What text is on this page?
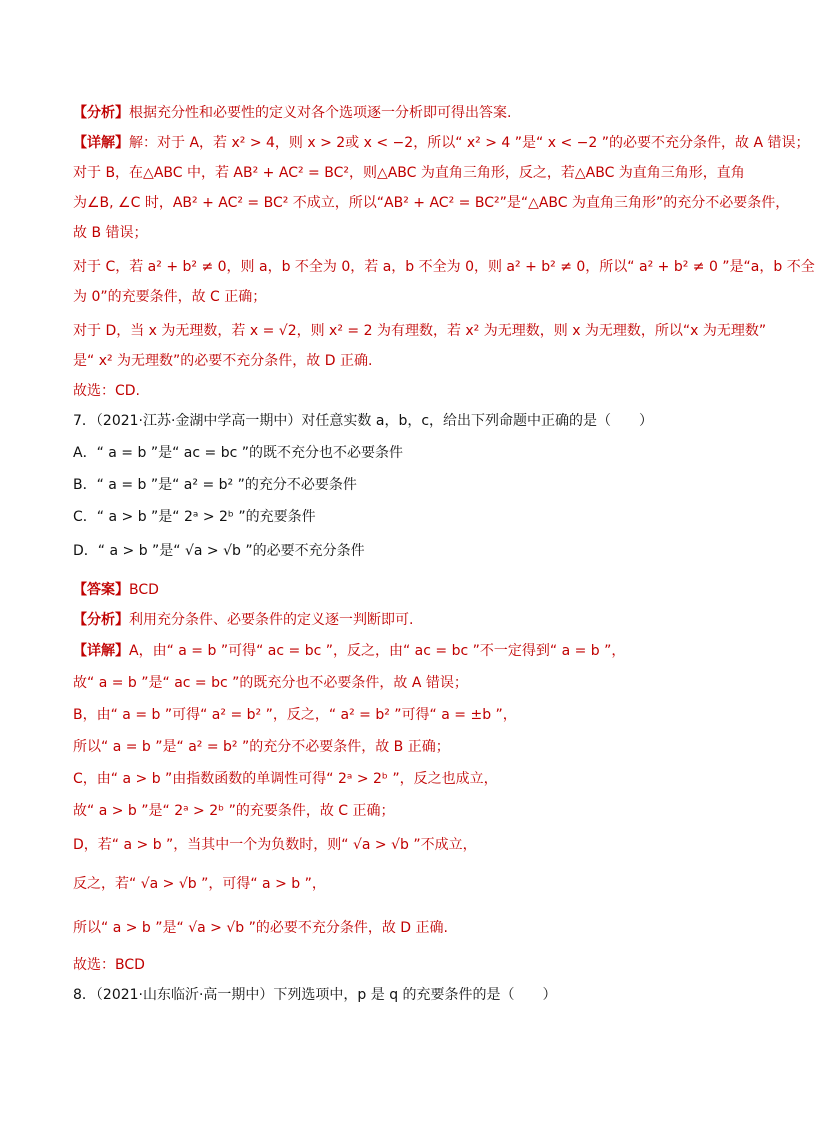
【分析】根据充分性和必要性的定义对各个选项逐一分析即可得出答案.
【详解】解：对于 A，若 x² > 4，则 x > 2或 x < −2，所以“ x² > 4 ”是“ x < −2 ”的必要不充分条件，故 A 错误；
对于 B，在△ABC 中，若 AB² + AC² = BC²，则△ABC 为直角三角形，反之，若△ABC 为直角三角形，直角
为∠B, ∠C 时，AB² + AC² = BC² 不成立，所以“AB² + AC² = BC²”是“△ABC 为直角三角形”的充分不必要条件，
故 B 错误；
对于 C，若 a² + b² ≠ 0，则 a，b 不全为 0，若 a，b 不全为 0，则 a² + b² ≠ 0，所以“ a² + b² ≠ 0 ”是“a，b 不全
为 0”的充要条件，故 C 正确；
对于 D，当 x 为无理数，若 x = √2，则 x² = 2 为有理数，若 x² 为无理数，则 x 为无理数，所以“x 为无理数”
是“ x² 为无理数”的必要不充分条件，故 D 正确.
故选：CD.
7．（2021·江苏·金湖中学高一期中）对任意实数 a，b，c，给出下列命题中正确的是（　　）
A．“ a = b ”是“ ac = bc ”的既不充分也不必要条件
B．“ a = b ”是“ a² = b² ”的充分不必要条件
C．“ a > b ”是“ 2ᵃ > 2ᵇ ”的充要条件
D．“ a > b ”是“ √a > √b ”的必要不充分条件
【答案】BCD
【分析】利用充分条件、必要条件的定义逐一判断即可.
【详解】A，由“ a = b ”可得“ ac = bc ”，反之，由“ ac = bc ”不一定得到“ a = b ”，
故“ a = b ”是“ ac = bc ”的既充分也不必要条件，故 A 错误；
B，由“ a = b ”可得“ a² = b² ”，反之，“ a² = b² ”可得“ a = ±b ”，
所以“ a = b ”是“ a² = b² ”的充分不必要条件，故 B 正确；
C，由“ a > b ”由指数函数的单调性可得“ 2ᵃ > 2ᵇ ”，反之也成立，
故“ a > b ”是“ 2ᵃ > 2ᵇ ”的充要条件，故 C 正确；
D，若“ a > b ”，当其中一个为负数时，则“ √a > √b ”不成立，
反之，若“ √a > √b ”，可得“ a > b ”，
所以“ a > b ”是“ √a > √b ”的必要不充分条件，故 D 正确.
故选：BCD
8．（2021·山东临沂·高一期中）下列选项中，p 是 q 的充要条件的是（　　）
